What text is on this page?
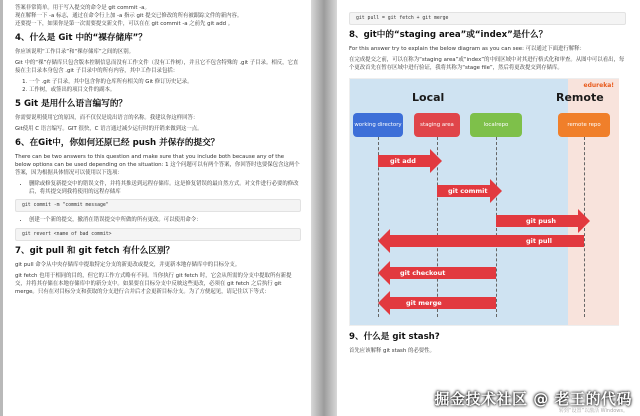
答案非常简单。用于写入提交的命令是 git commit -a。

现在解释一下 -a 标志，通过在命令行上加 -a 指示 git 提交已修改的所有被跟踪文件的新内容。

还要提一下，如果你是第一次需要提交新文件，可以在在 git commit -a 之前先 git add 。

4、什么是 Git 中的“裸存储库”？

你应该说明“工作目录”和“裸存储库”之间的区别。

Git 中的“裸”存储库只包含版本控制信息而没有工作文件（没有工作树），并且它不包含特殊的 .git 子目录。相反，它直接在主目录本身包含 .git 子目录中的所有内容，其中工作目录包括：

1. 一个 .git 子目录，其中包含你的仓库所有相关的 Git 修订历史记录。
2. 工作树，或签出的项目文件的副本。
5 Git 是用什么语言编写的？

你需要说明使用它的原因，而不仅仅是说出语言的名称。我建议你这样回答：

Git使用 C 语言编写。GIT 很快，C 语言通过减少运行时的开销来做到这一点。

6、在Git中，你如何还原已经 push 并保存的提交？

There can be two answers to this question and make sure that you include both because any of the below options can be used depending on the situation: 1 这个问题可以有两个答案，你回答时也要保包含这两个答案，因为根据具体情况可以使用以下选项：

• 删除或修复新提交中的错误文件，并将其推送到远程存储库。这是修复错误的最自然方式。对文件进行必要的修改后，将其提交到我将使用的远程存储库
git commit -m "commit message"
• 创建一个新的提交，撤消在错误提交中所做的所有更改。可以使用命令：
git revert <name of bad commit>
7、git pull 和 git fetch 有什么区别？

git pull 命令从中央存储库中提取特定分支的新更改或提交，并更新本地存储库中的目标分支。

git fetch 也用于相同的目的，但它的工作方式略有不同。当你执行 git fetch 时，它会从所需的分支中提取所有新提交，并将其存储在本地存储库中的新分支中。如果要在目标分支中反映这些更改，必须在 git fetch 之后执行 git merge。只有在对目标分支和获取的分支进行合并后才会更新目标分支。为了方便起见，请记住以下等式：

git pull = git fetch + git merge
8、git中的“staging area”或“index”是什么？

For this answer try to explain the below diagram as you can see: 可以通过下面进行解释：

在完成提交之前，可以在称为“staging area”或“index”的中间区域中对其进行格式化和审查。从图中可以看出，每个更改首先在暂存区域中进行验证，我将其称为“stage file”，然后将更改提交到存储库。

edureka!
Local	Remote
working directory	staging area	localrepo	remote repo
git add
git commit
git push
git pull
git checkout
git merge
9、什么是 git stash?

首先应该解释 git stash 的必要性。

掘金技术社区 @ 老王的代码
转到“设置”以激活 Windows。
